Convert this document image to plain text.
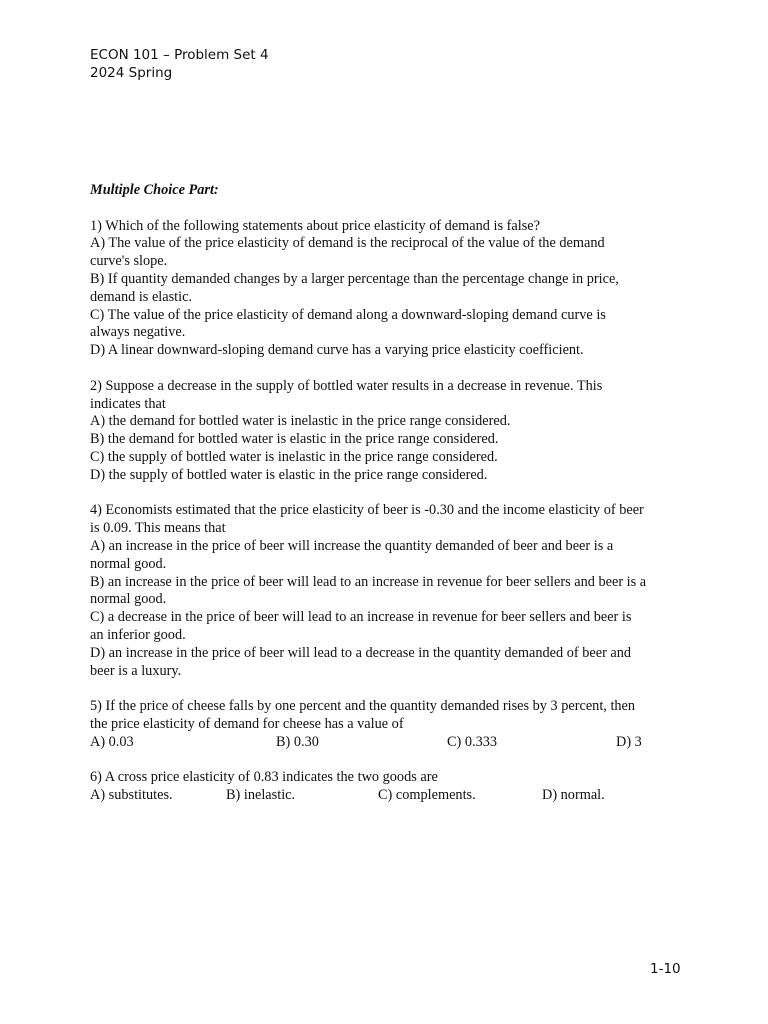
ECON 101 – Problem Set 4
2024 Spring
Multiple Choice Part:
1) Which of the following statements about price elasticity of demand is false?
A) The value of the price elasticity of demand is the reciprocal of the value of the demand
curve's slope.
B) If quantity demanded changes by a larger percentage than the percentage change in price,
demand is elastic.
C) The value of the price elasticity of demand along a downward-sloping demand curve is
always negative.
D) A linear downward-sloping demand curve has a varying price elasticity coefficient.
2) Suppose a decrease in the supply of bottled water results in a decrease in revenue. This
indicates that
A) the demand for bottled water is inelastic in the price range considered.
B) the demand for bottled water is elastic in the price range considered.
C) the supply of bottled water is inelastic in the price range considered.
D) the supply of bottled water is elastic in the price range considered.
4) Economists estimated that the price elasticity of beer is -0.30 and the income elasticity of beer
is 0.09. This means that
A) an increase in the price of beer will increase the quantity demanded of beer and beer is a
normal good.
B) an increase in the price of beer will lead to an increase in revenue for beer sellers and beer is a
normal good.
C) a decrease in the price of beer will lead to an increase in revenue for beer sellers and beer is
an inferior good.
D) an increase in the price of beer will lead to a decrease in the quantity demanded of beer and
beer is a luxury.
5) If the price of cheese falls by one percent and the quantity demanded rises by 3 percent, then
the price elasticity of demand for cheese has a value of
A) 0.03	B) 0.30	C) 0.333	D) 3
6) A cross price elasticity of 0.83 indicates the two goods are
A) substitutes.	B) inelastic.	C) complements.	D) normal.
1-10
